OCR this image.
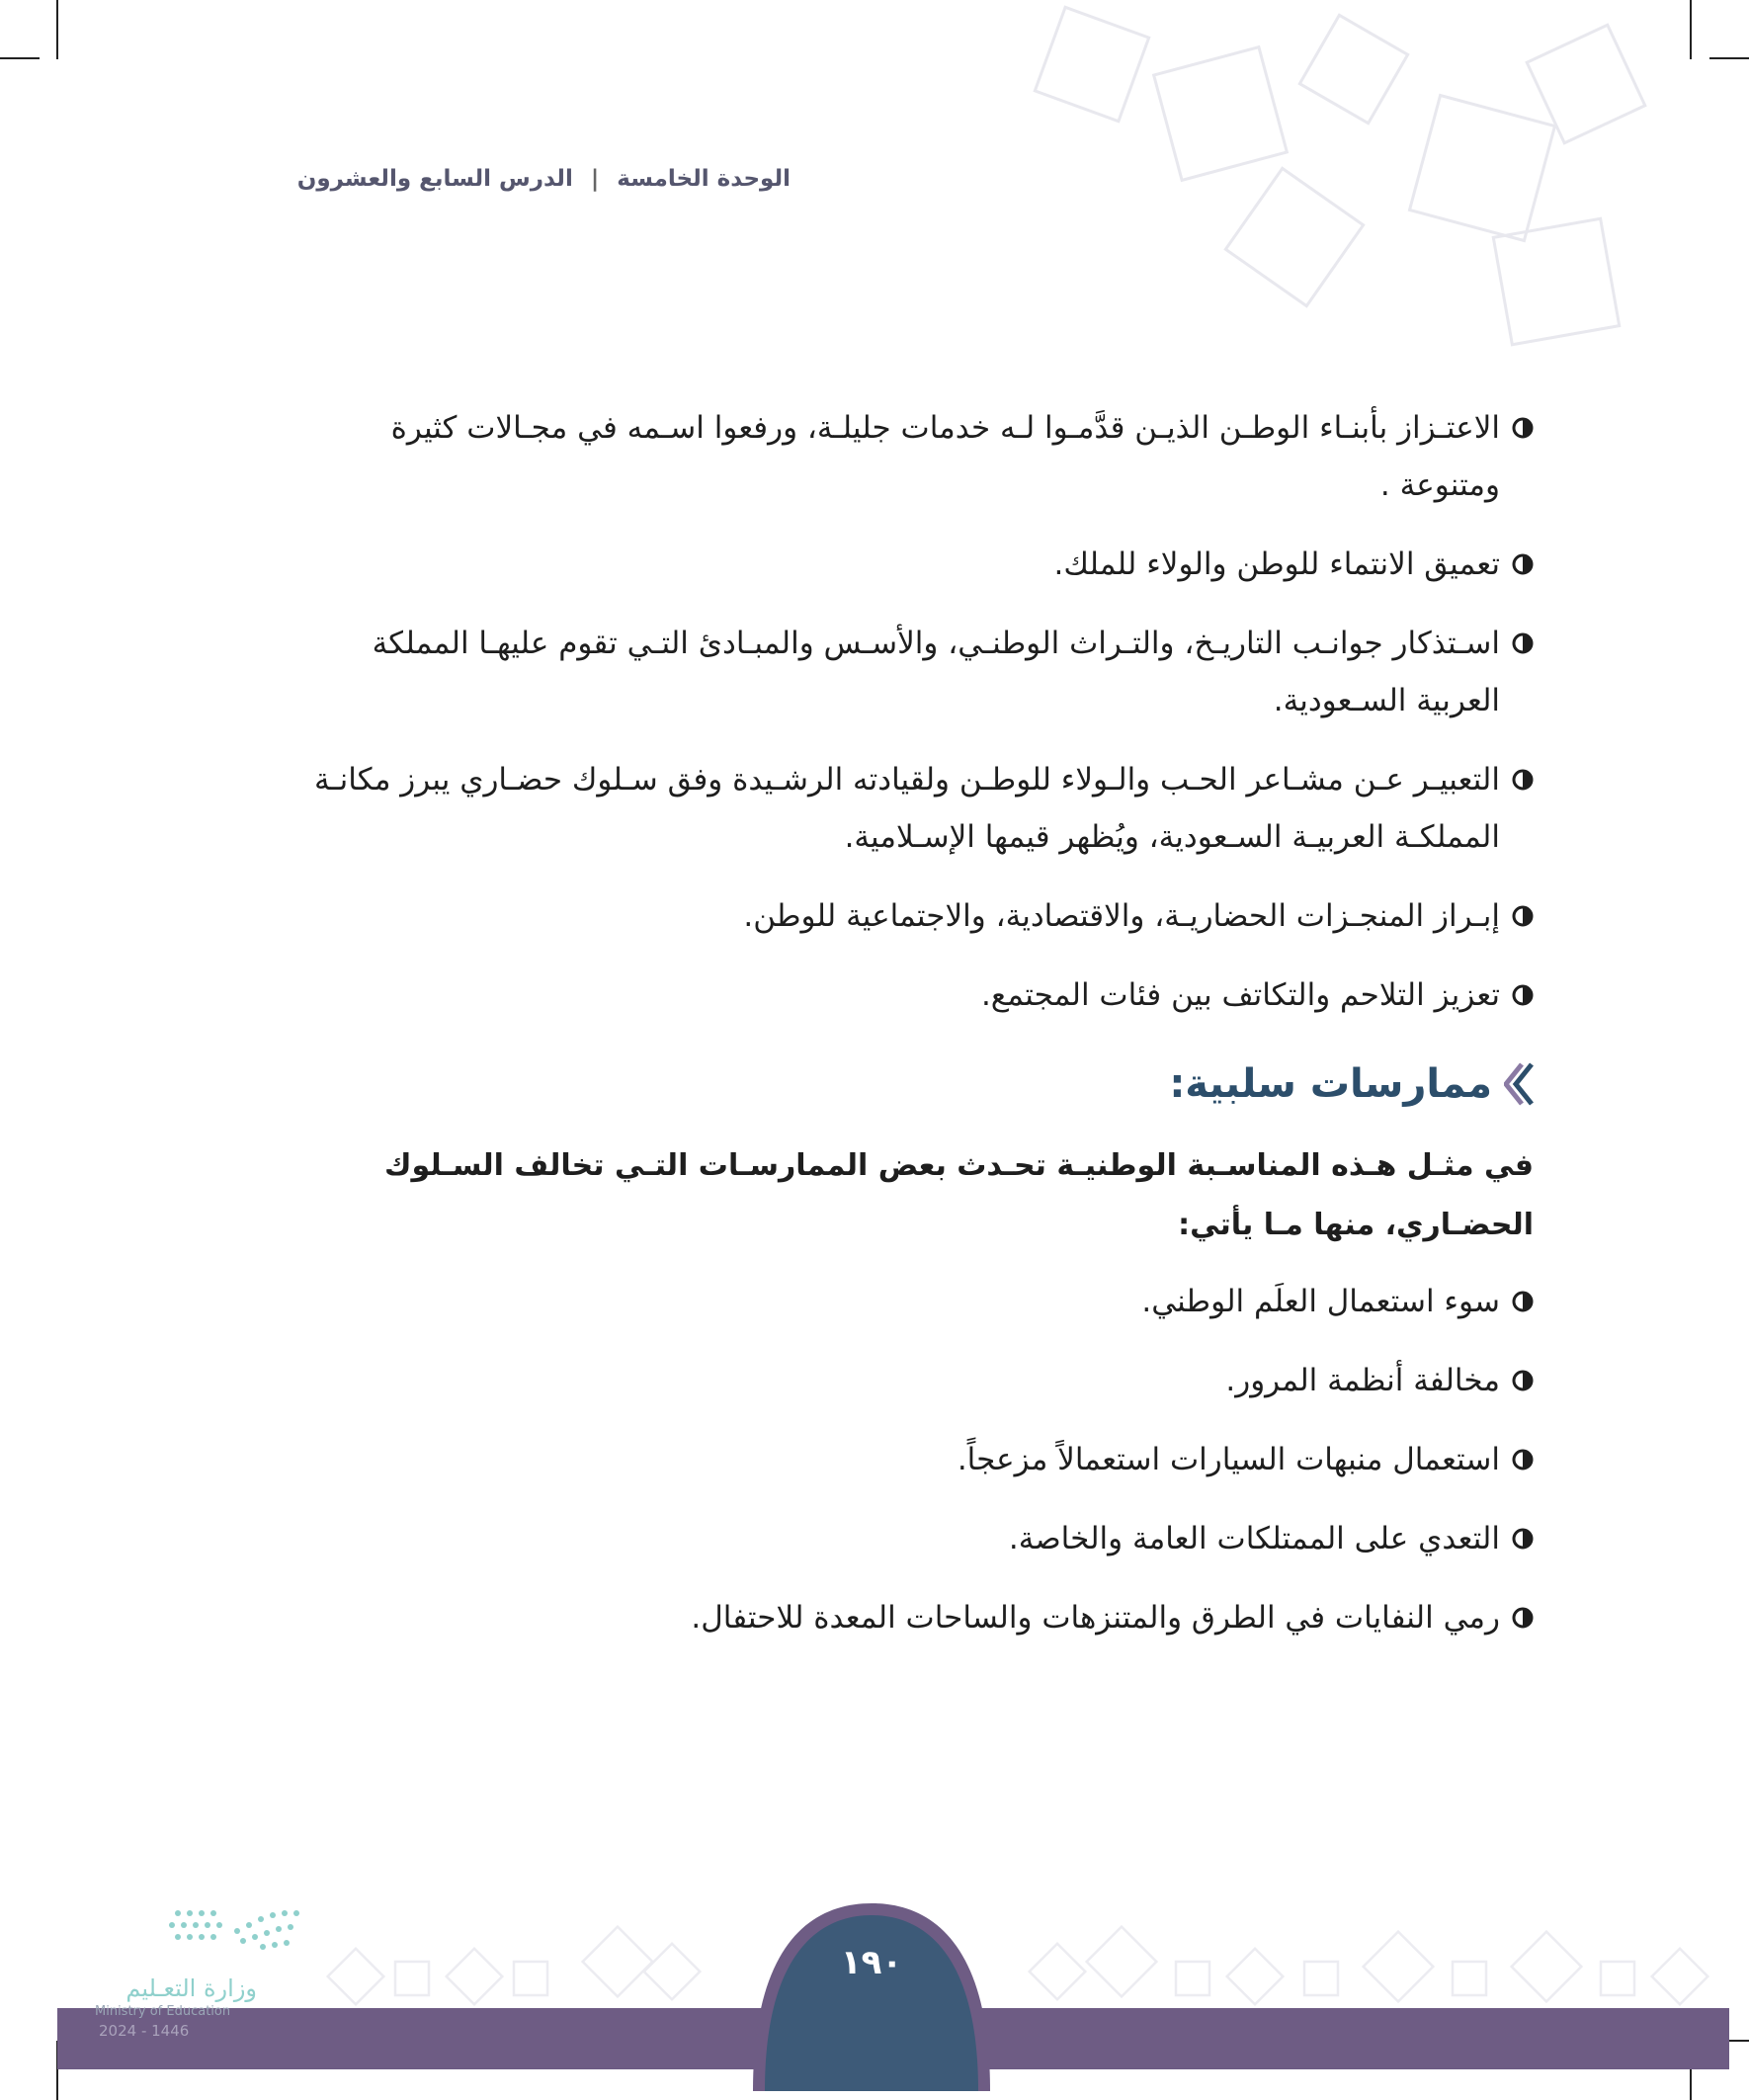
الوحدة الخامسة | الدرس السابع والعشرون
الاعتـزاز بأبنـاء الوطـن الذيـن قدَّمـوا لـه خدمات جليلـة، ورفعوا اسـمه في مجـالات كثيرة ومتنوعة .
تعميق الانتماء للوطن والولاء للملك.
اسـتذكار جوانـب التاريـخ، والتـراث الوطنـي، والأسـس والمبـادئ التـي تقوم عليهـا المملكة العربية السـعودية.
التعبيـر عـن مشـاعر الحـب والـولاء للوطـن ولقيادته الرشـيدة وفق سـلوك حضـاري يبرز مكانـة المملكـة العربيـة السـعودية، ويُظهر قيمها الإسـلامية.
إبـراز المنجـزات الحضاريـة، والاقتصادية، والاجتماعية للوطن.
تعزيز التلاحم والتكاتف بين فئات المجتمع.
ممارسات سلبية:
في مثـل هـذه المناسـبة الوطنيـة تحـدث بعض الممارسـات التـي تخالف السـلوك الحضـاري، منها مـا يأتي:
سوء استعمال العلَم الوطني.
مخالفة أنظمة المرور.
استعمال منبهات السيارات استعمالاً مزعجاً.
التعدي على الممتلكات العامة والخاصة.
رمي النفايات في الطرق والمتنزهات والساحات المعدة للاحتفال.
١٩٠
وزارة التعـليم
Ministry of Education
2024 - 1446
